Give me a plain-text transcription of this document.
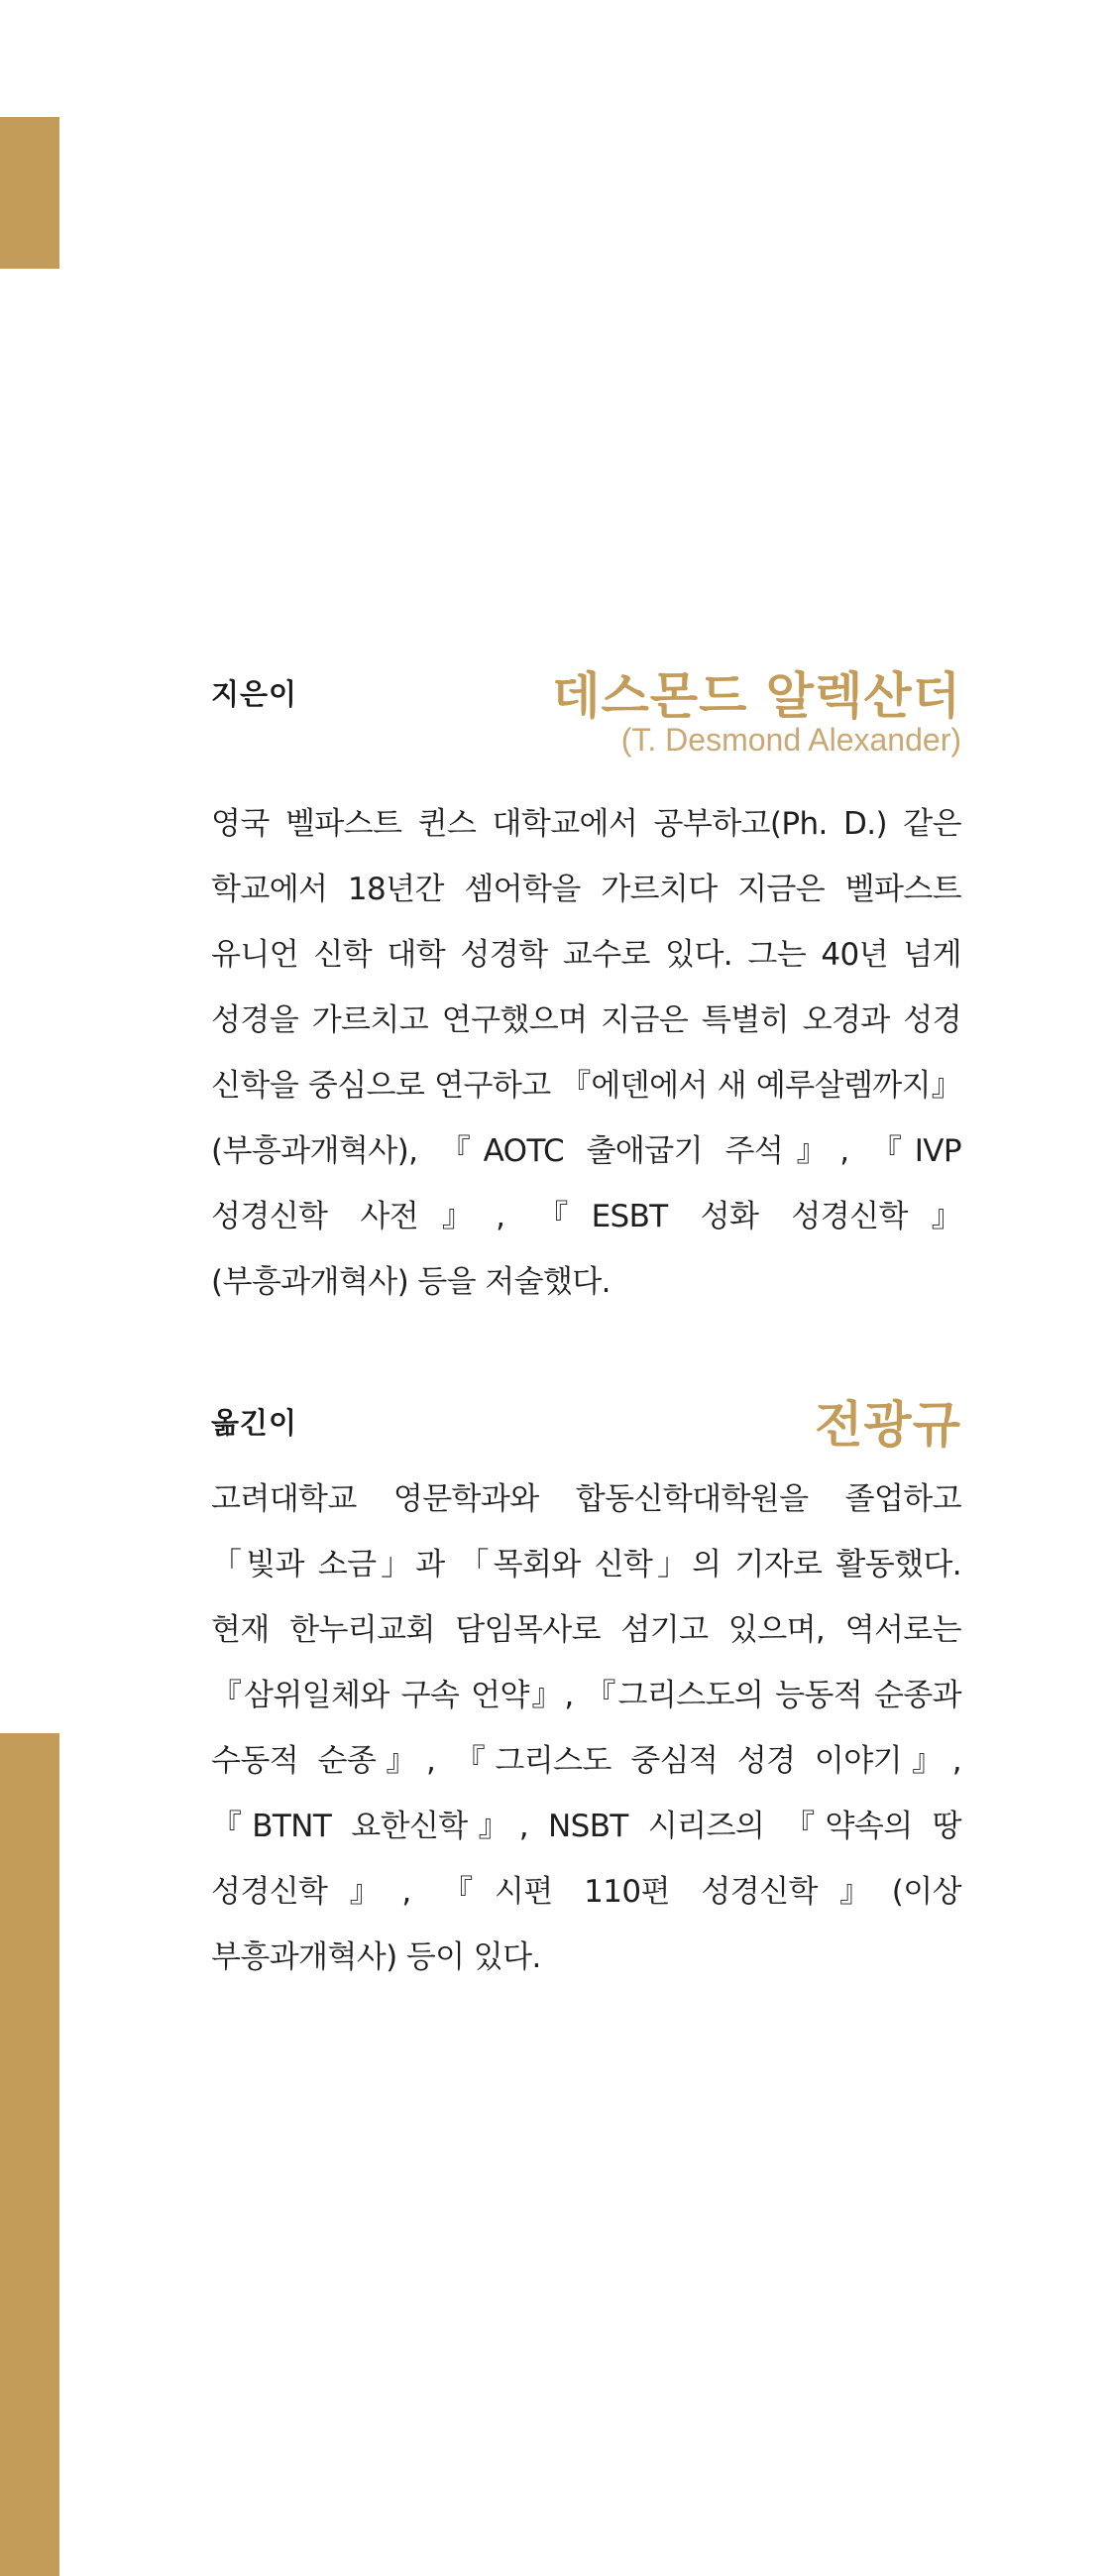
지은이	데스몬드 알렉산더
(T. Desmond Alexander)

영국 벨파스트 퀸스 대학교에서 공부하고(Ph. D.) 같은 학교에서 18년간 셈어학을 가르치다 지금은 벨파스트 유니언 신학 대학 성경학 교수로 있다. 그는 40년 넘게 성경을 가르치고 연구했으며 지금은 특별히 오경과 성경 신학을 중심으로 연구하고 『에덴에서 새 예루살렘까지』(부흥과개혁사), 『AOTC 출애굽기 주석』, 『IVP 성경신학 사전』, 『ESBT 성화 성경신학』(부흥과개혁사) 등을 저술했다.

옮긴이	전광규

고려대학교 영문학과와 합동신학대학원을 졸업하고 「빛과 소금」과 「목회와 신학」의 기자로 활동했다. 현재 한누리교회 담임목사로 섬기고 있으며, 역서로는 『삼위일체와 구속 언약』, 『그리스도의 능동적 순종과 수동적 순종』, 『그리스도 중심적 성경 이야기』, 『BTNT 요한신학』, NSBT 시리즈의 『약속의 땅 성경신학』, 『시편 110편 성경신학』(이상 부흥과개혁사) 등이 있다.
